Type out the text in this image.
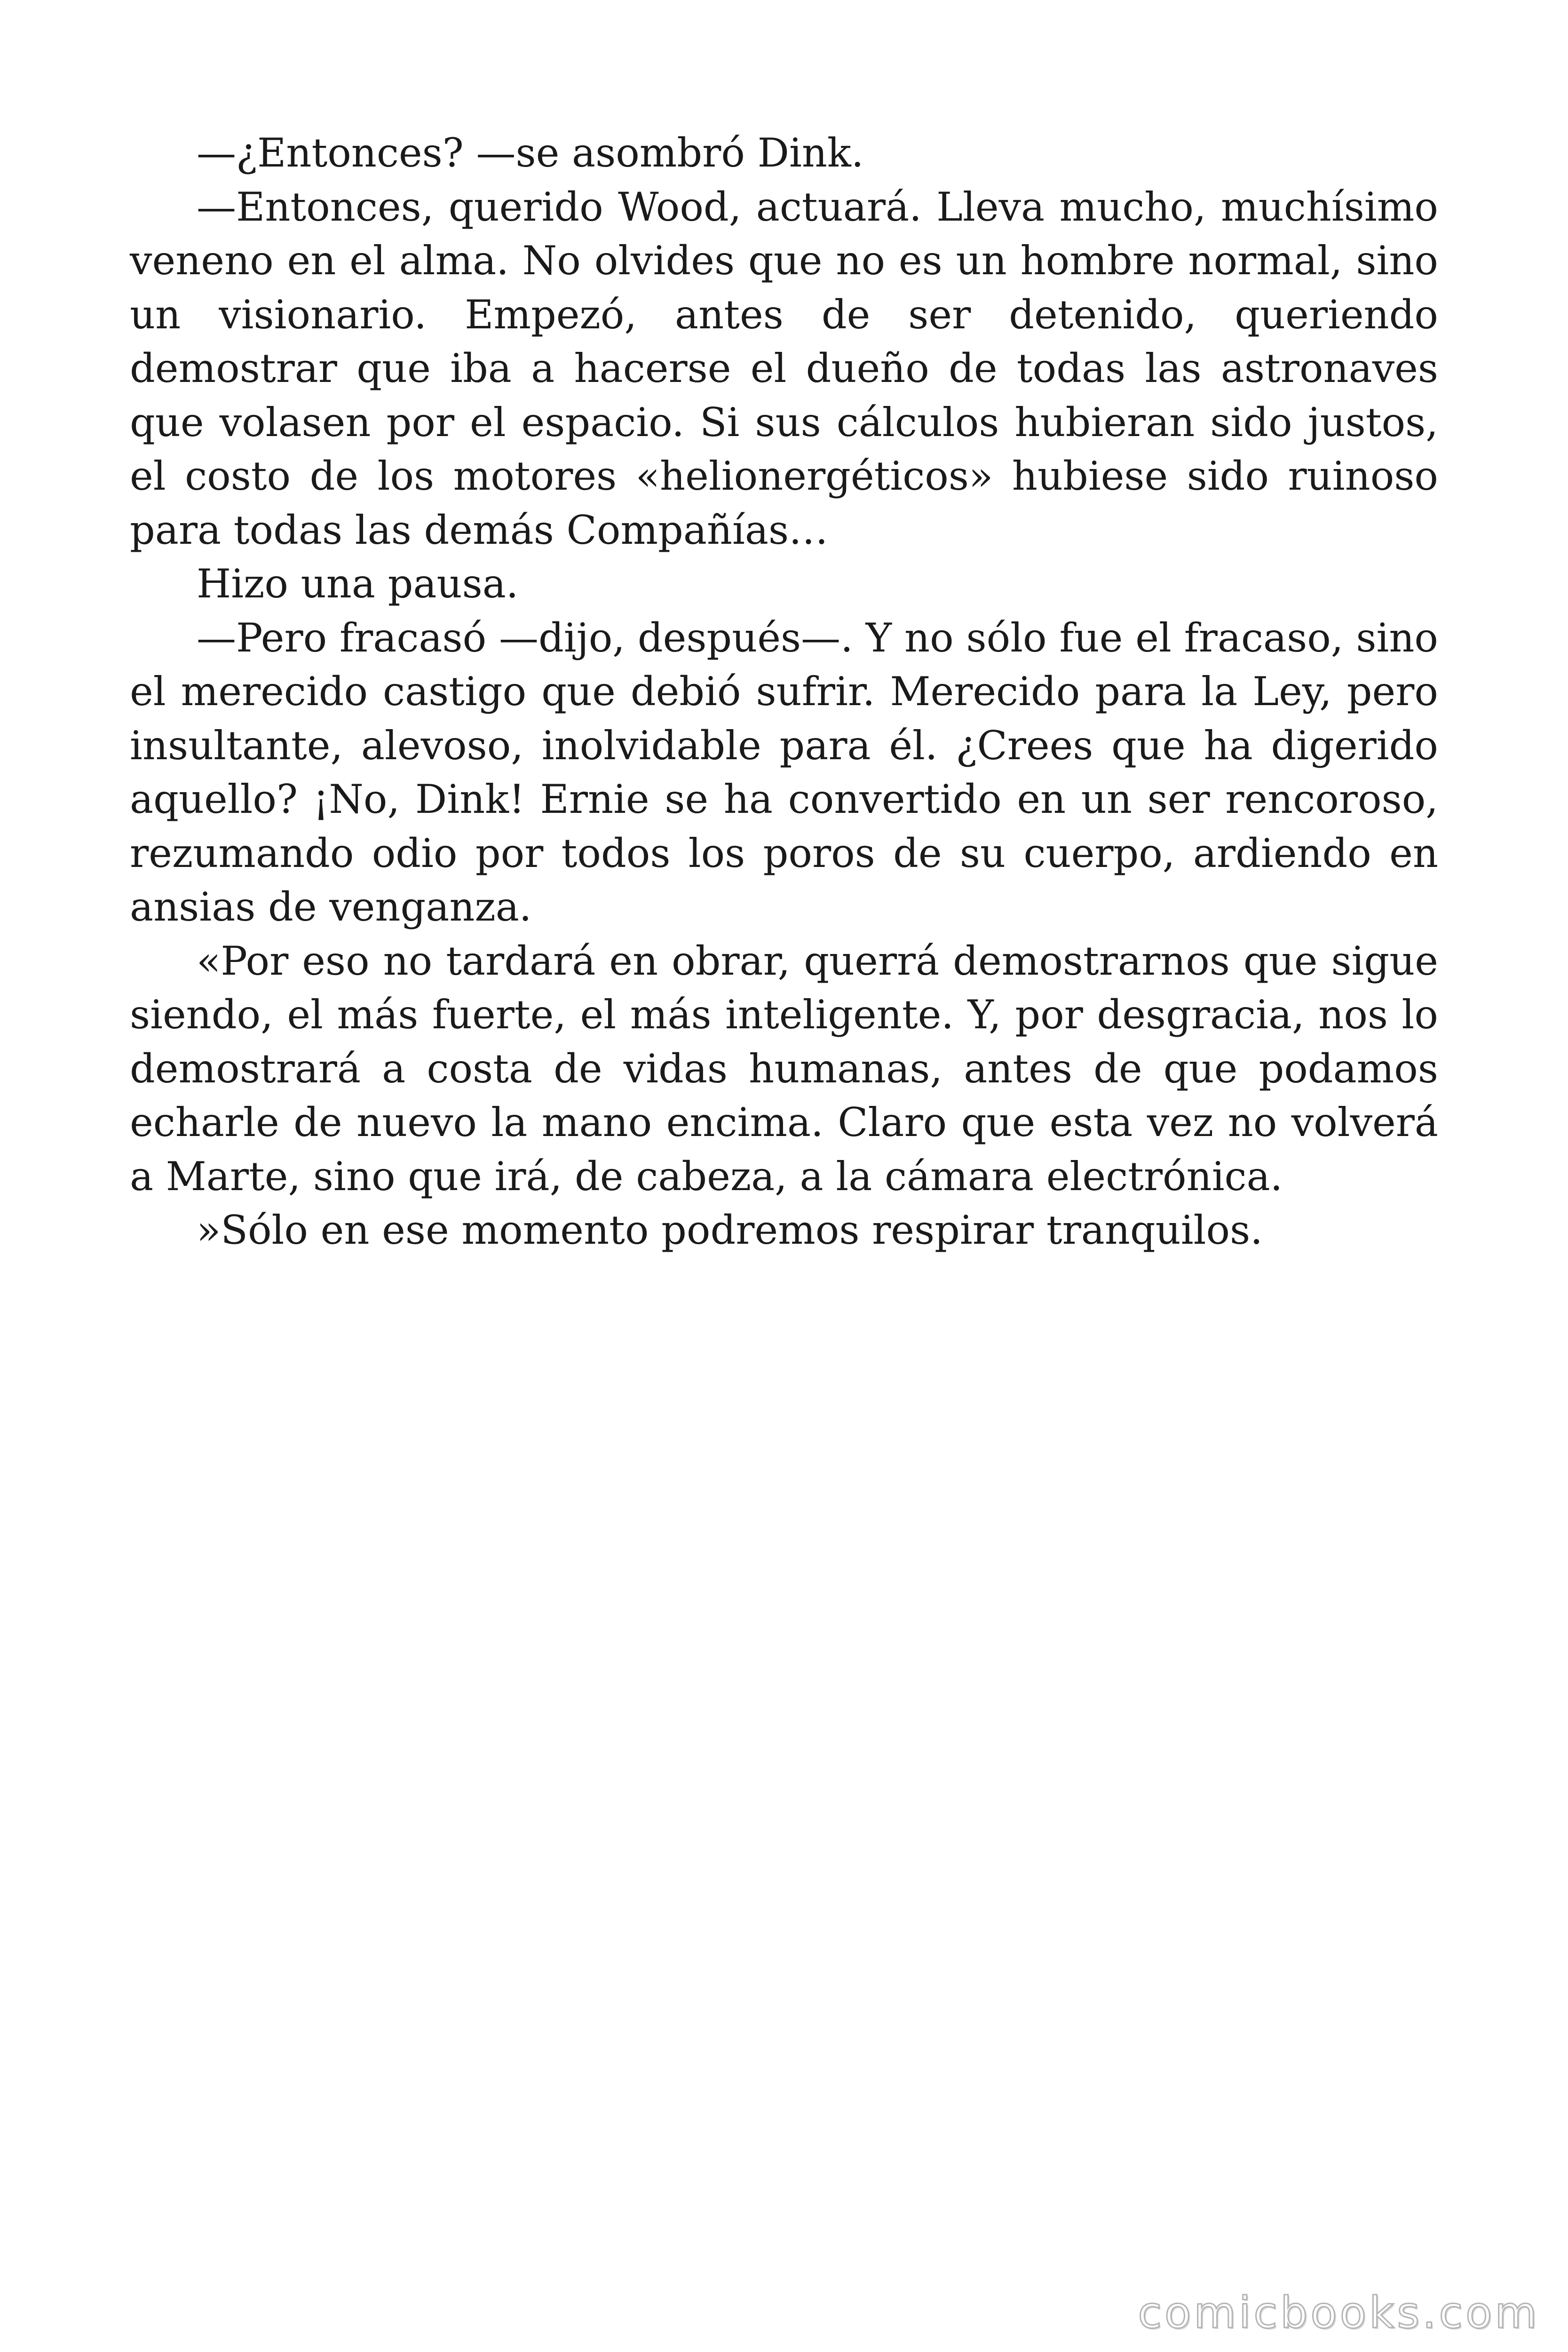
—¿Entonces? —se asombró Dink.

—Entonces, querido Wood, actuará. Lleva mucho, muchísimo veneno en el alma. No olvides que no es un hombre normal, sino un visionario. Empezó, antes de ser detenido, queriendo demostrar que iba a hacerse el dueño de todas las astronaves que volasen por el espacio. Si sus cálculos hubieran sido justos, el costo de los motores «helionergéticos» hubiese sido ruinoso para todas las demás Compañías…

Hizo una pausa.

—Pero fracasó —dijo, después—. Y no sólo fue el fracaso, sino el merecido castigo que debió sufrir. Merecido para la Ley, pero insultante, alevoso, inolvidable para él. ¿Crees que ha digerido aquello? ¡No, Dink! Ernie se ha convertido en un ser rencoroso, rezumando odio por todos los poros de su cuerpo, ardiendo en ansias de venganza.

«Por eso no tardará en obrar, querrá demostrarnos que sigue siendo, el más fuerte, el más inteligente. Y, por desgracia, nos lo demostrará a costa de vidas humanas, antes de que podamos echarle de nuevo la mano encima. Claro que esta vez no volverá a Marte, sino que irá, de cabeza, a la cámara electrónica.

»Sólo en ese momento podremos respirar tranquilos.

comicbooks.com
